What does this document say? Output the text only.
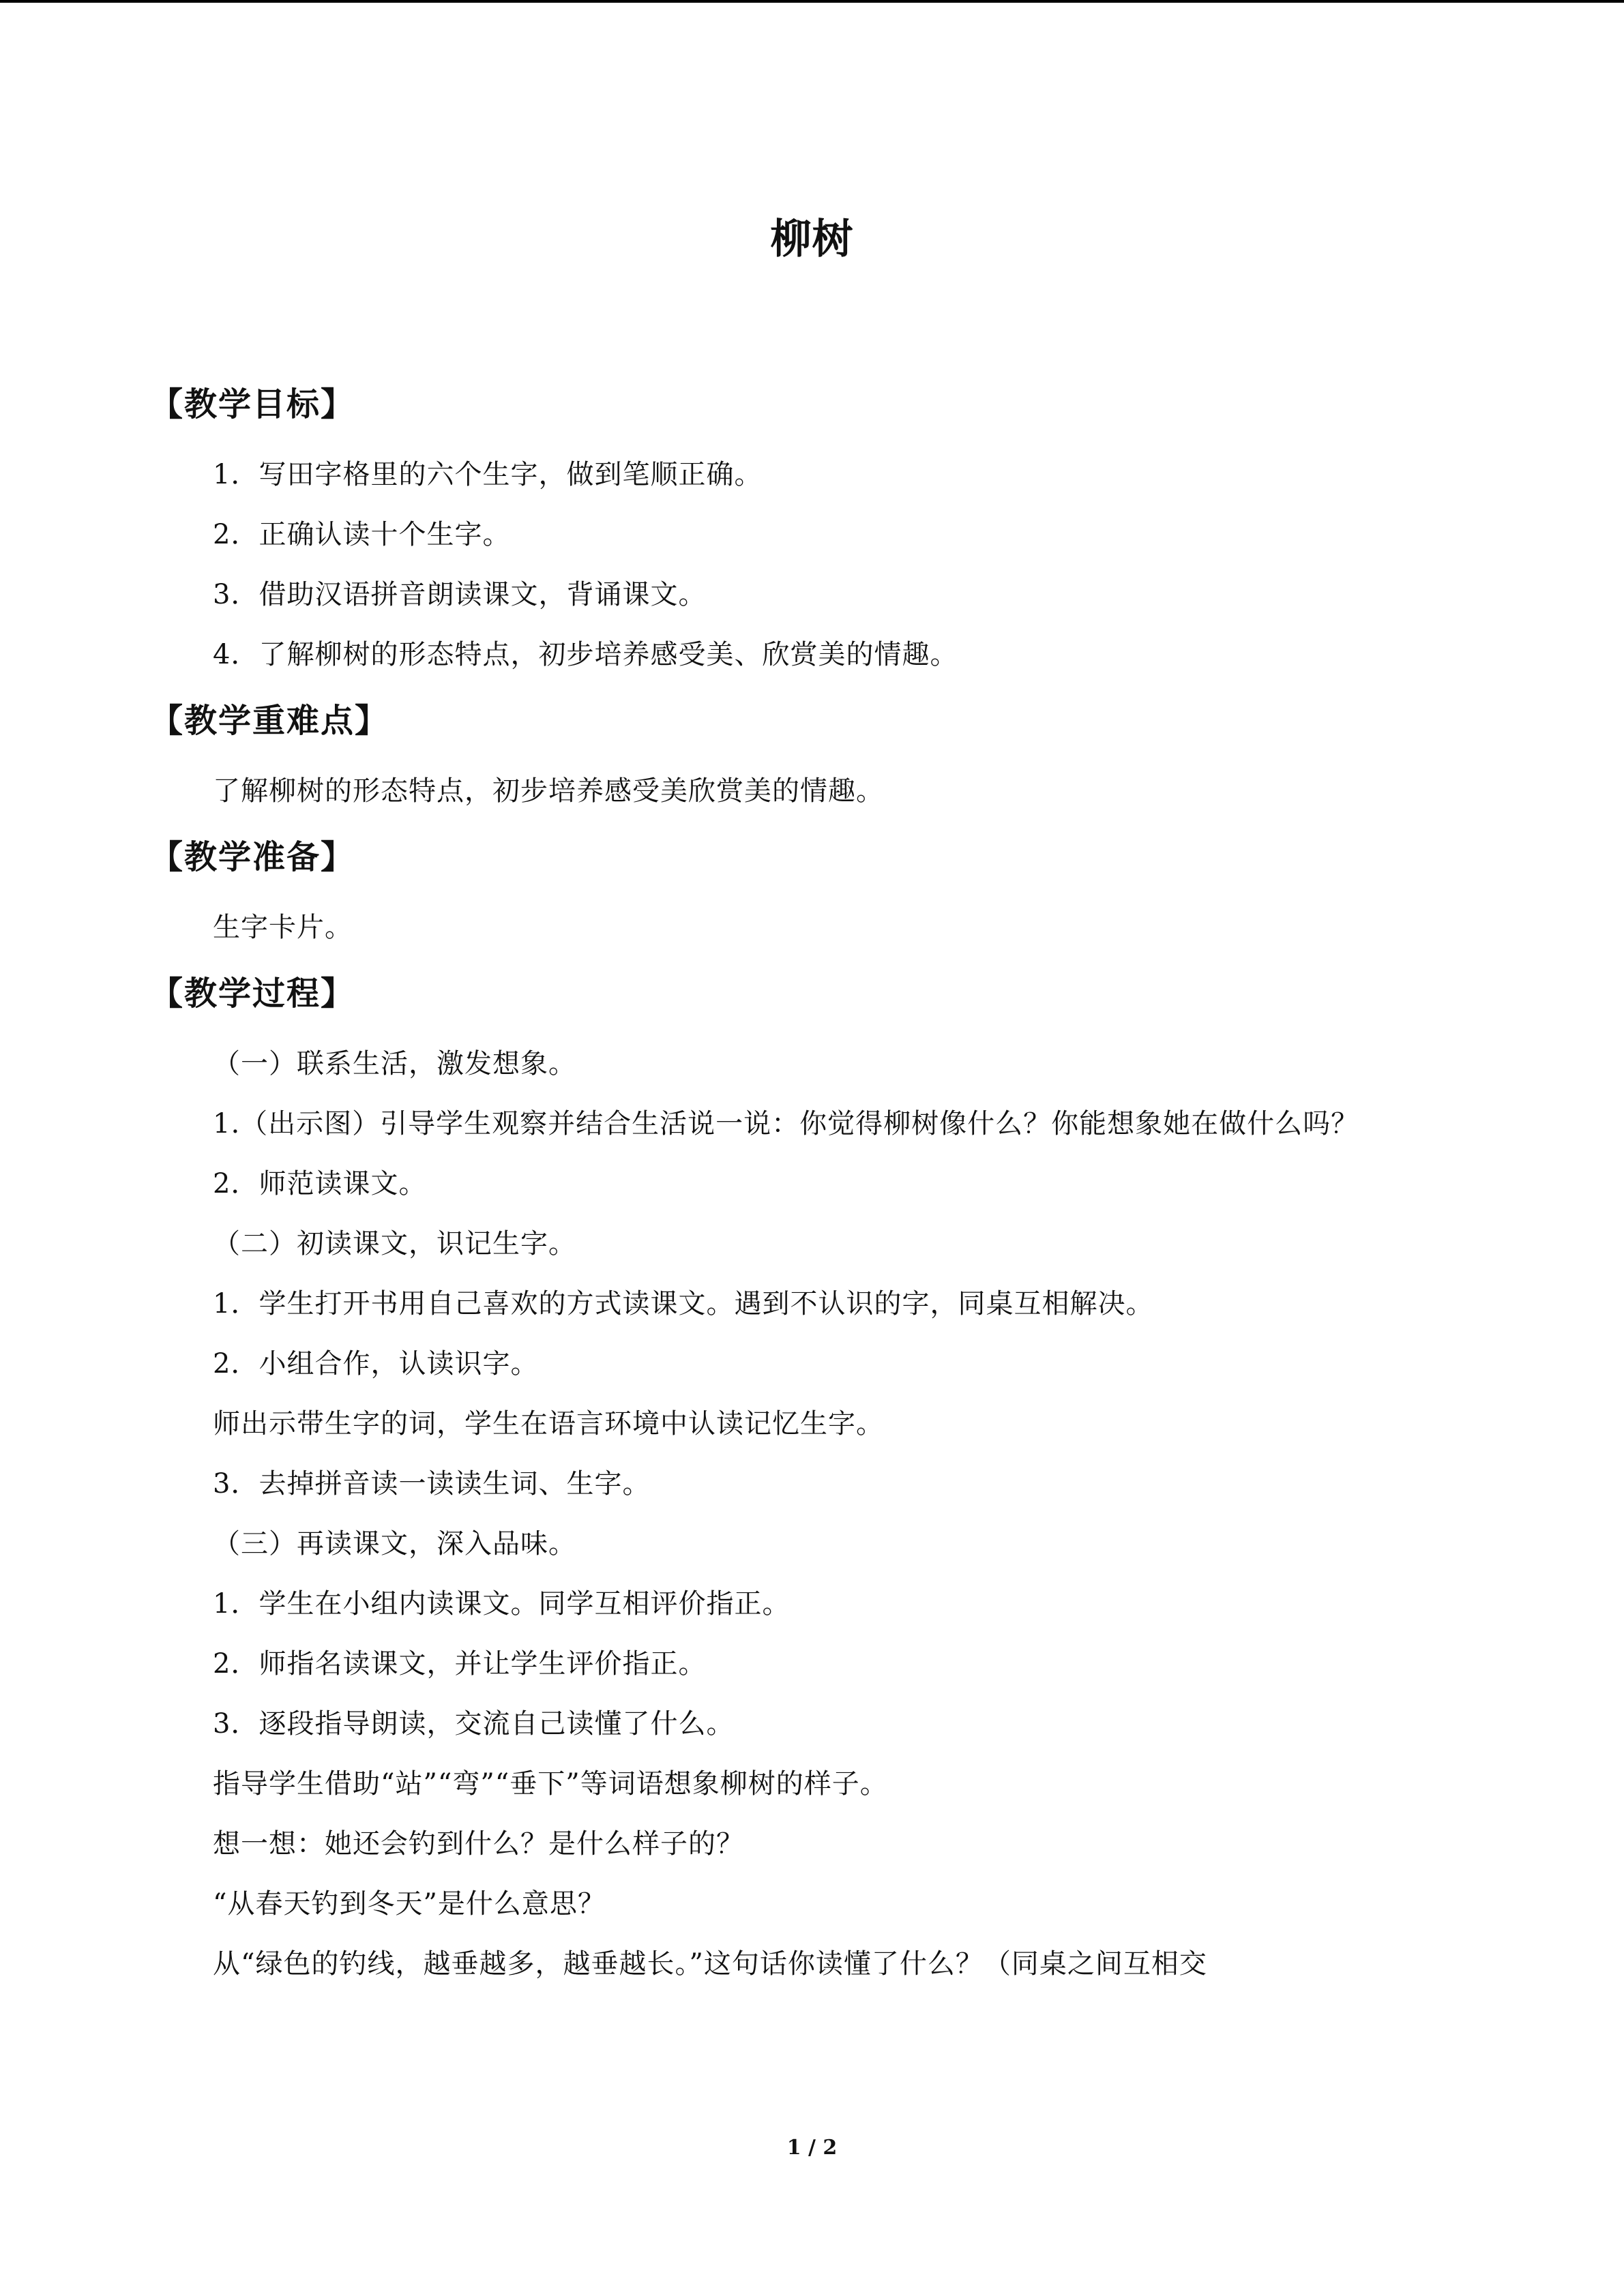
柳树
【教学目标】

1．写田字格里的六个生字，做到笔顺正确。

2．正确认读十个生字。

3．借助汉语拼音朗读课文，背诵课文。

4．了解柳树的形态特点，初步培养感受美、欣赏美的情趣。

【教学重难点】

了解柳树的形态特点，初步培养感受美欣赏美的情趣。

【教学准备】

生字卡片。

【教学过程】

（一）联系生活，激发想象。

1.（出示图）引导学生观察并结合生活说一说：你觉得柳树像什么？你能想象她在做什么吗？

2．师范读课文。

（二）初读课文，识记生字。

1．学生打开书用自己喜欢的方式读课文。遇到不认识的字，同桌互相解决。

2．小组合作，认读识字。

师出示带生字的词，学生在语言环境中认读记忆生字。

3．去掉拼音读一读读生词、生字。

（三）再读课文，深入品味。

1．学生在小组内读课文。同学互相评价指正。

2．师指名读课文，并让学生评价指正。

3．逐段指导朗读，交流自己读懂了什么。

指导学生借助“站”“弯”“垂下”等词语想象柳树的样子。

想一想：她还会钓到什么？是什么样子的？

“从春天钓到冬天”是什么意思？

从“绿色的钓线，越垂越多，越垂越长。”这句话你读懂了什么？（同桌之间互相交

1 / 2
